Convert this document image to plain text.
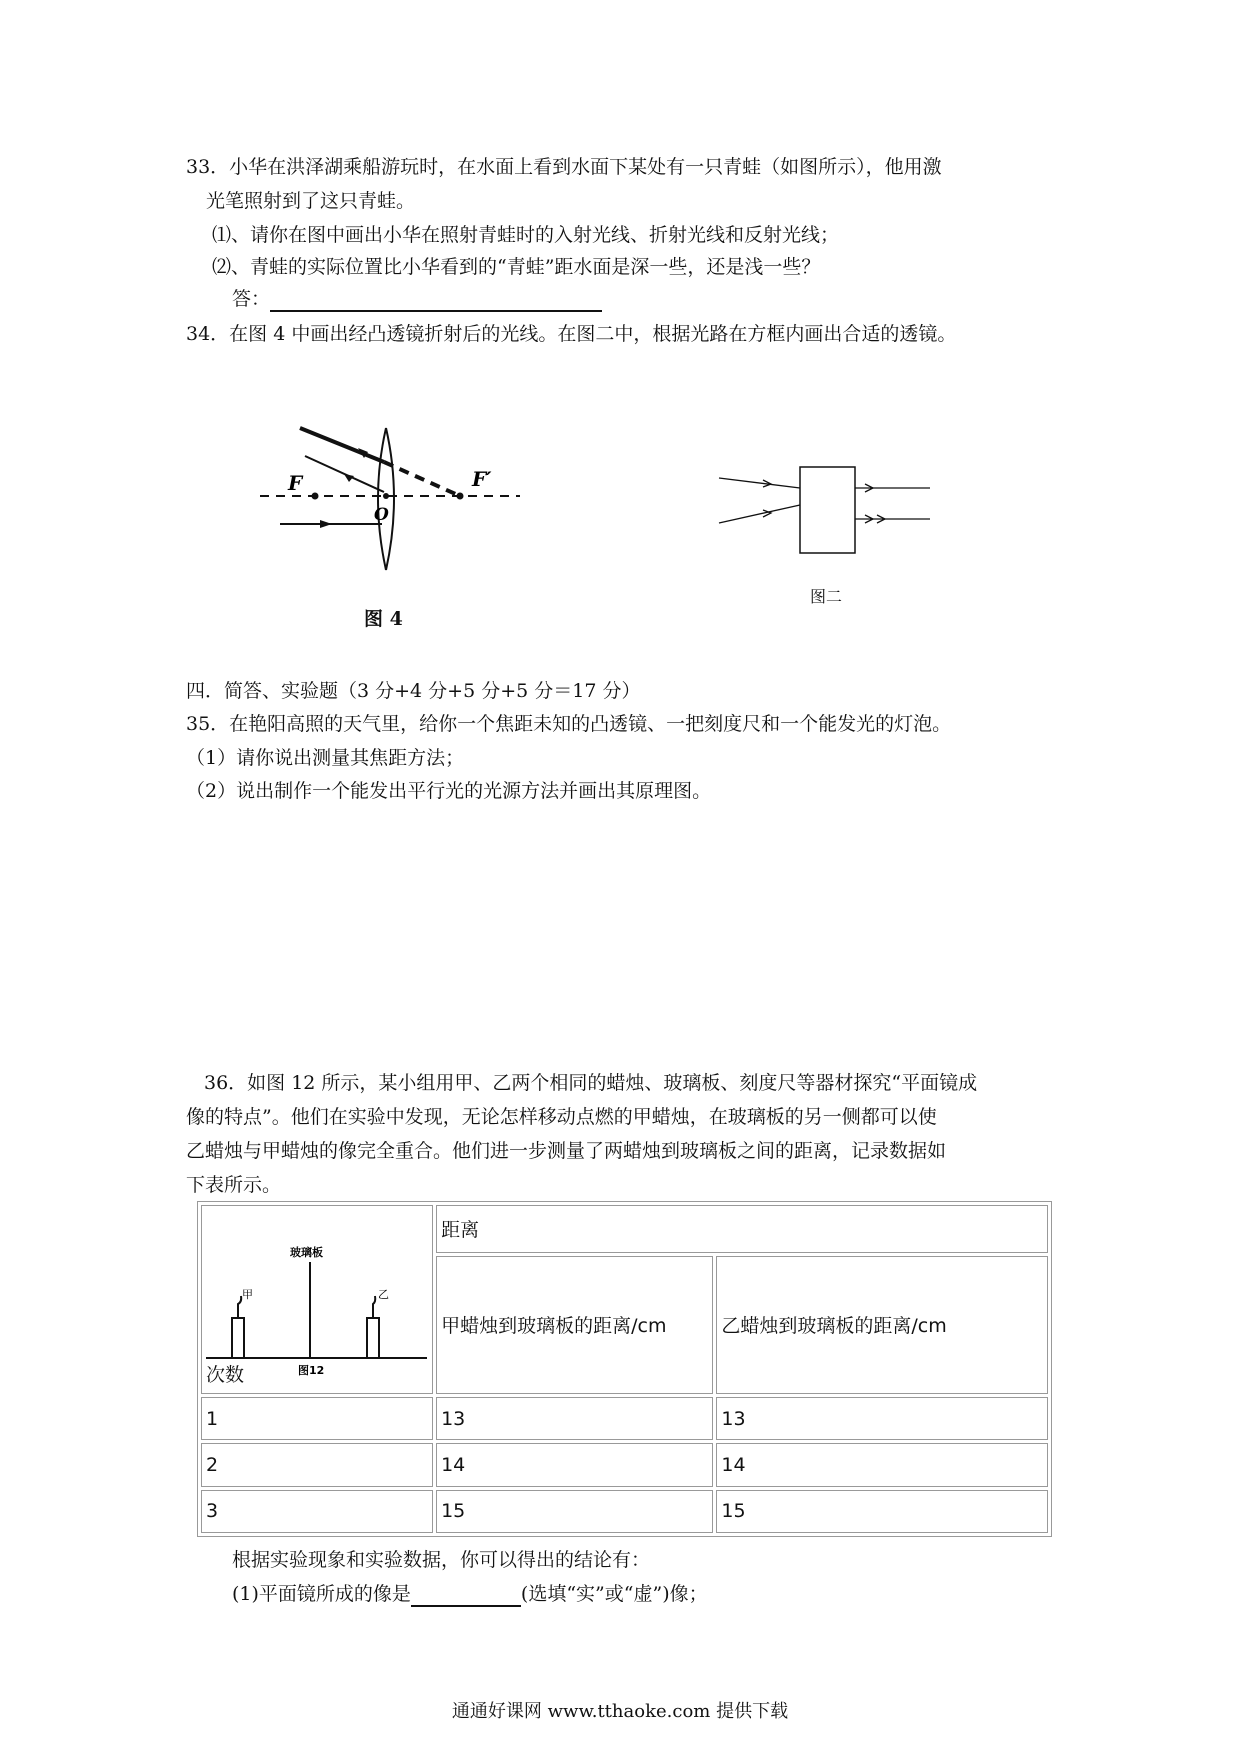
33．小华在洪泽湖乘船游玩时，在水面上看到水面下某处有一只青蛙（如图所示），他用激
光笔照射到了这只青蛙。
⑴、请你在图中画出小华在照射青蛙时的入射光线、折射光线和反射光线；
⑵、青蛙的实际位置比小华看到的“青蛙”距水面是深一些，还是浅一些？
答：
34．在图 4 中画出经凸透镜折射后的光线。在图二中，根据光路在方框内画出合适的透镜。
F	F′
O
图 4
图二
四．简答、实验题（3 分+4 分+5 分+5 分＝17 分）
35．在艳阳高照的天气里，给你一个焦距未知的凸透镜、一把刻度尺和一个能发光的灯泡。
（1）请你说出测量其焦距方法；
（2）说出制作一个能发出平行光的光源方法并画出其原理图。
36．如图 12 所示，某小组用甲、乙两个相同的蜡烛、玻璃板、刻度尺等器材探究“平面镜成
像的特点”。他们在实验中发现，无论怎样移动点燃的甲蜡烛，在玻璃板的另一侧都可以使
乙蜡烛与甲蜡烛的像完全重合。他们进一步测量了两蜡烛到玻璃板之间的距离，记录数据如
下表所示。
玻璃板
甲 乙
图12
次数	距离	
	甲蜡烛到玻璃板的距离/cm	乙蜡烛到玻璃板的距离/cm
1	13	13
2	14	14
3	15	15
根据实验现象和实验数据，你可以得出的结论有：
(1)平面镜所成的像是	(选填“实”或“虚”)像；
通通好课网 www.tthaoke.com 提供下载
